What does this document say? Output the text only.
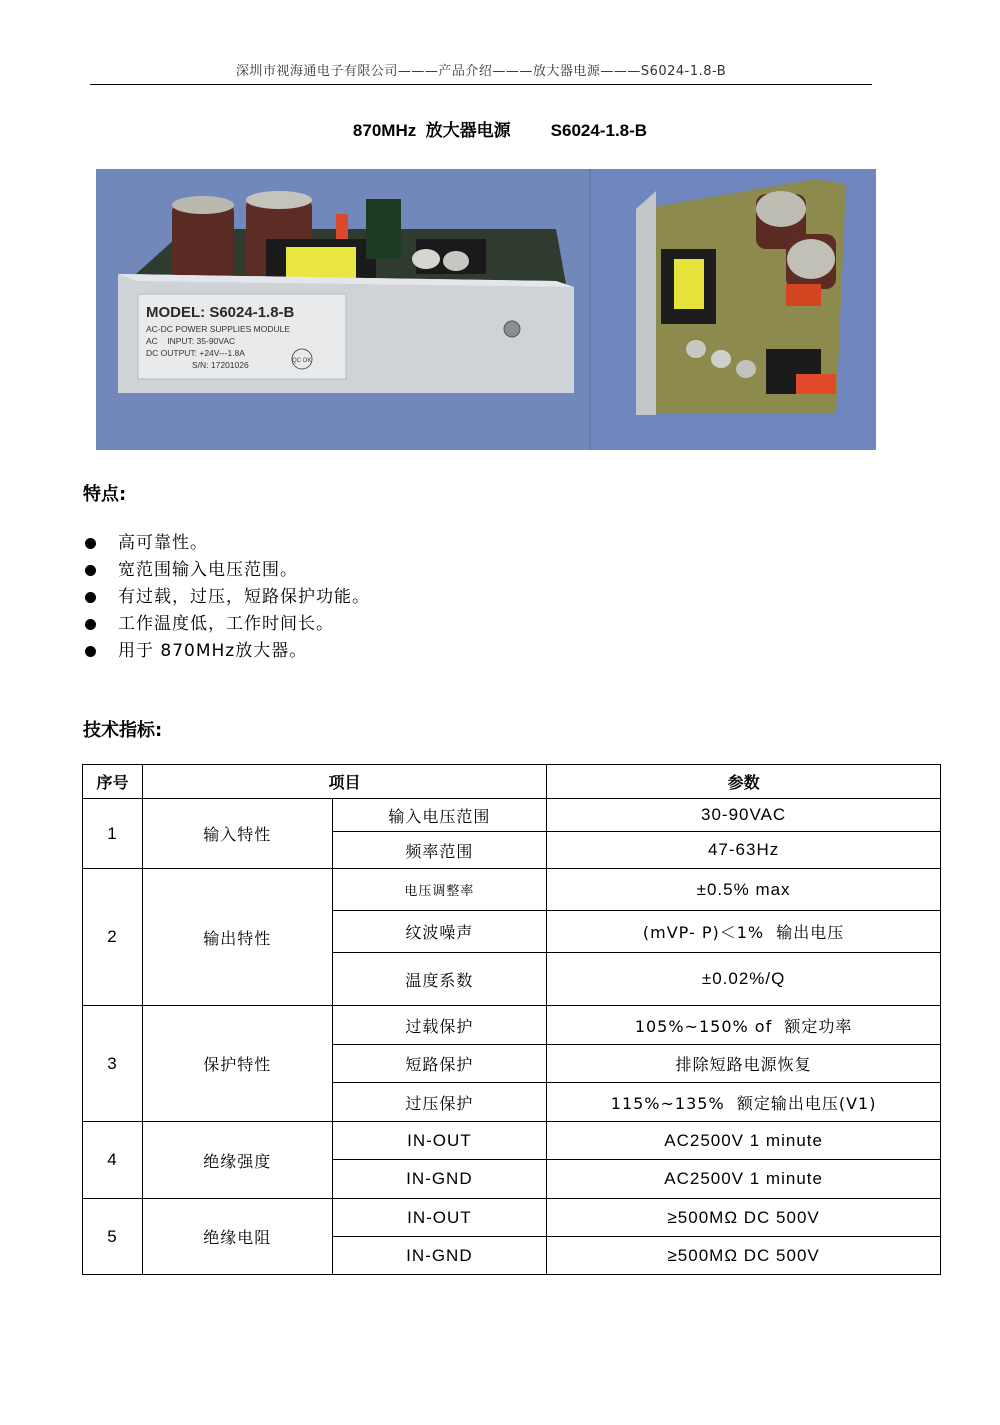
深圳市视海通电子有限公司———产品介绍———放大器电源———S6024-1.8-B
870MHz  放大器电源 S6024-1.8-B
MODEL: S6024-1.8-B
AC-DC POWER SUPPLIES MODULE
AC    INPUT: 35-90VAC
DC OUTPUT: +24V---1.8A
S/N: 17201026	QC OK
特点:
高可靠性。
宽范围输入电压范围。
有过载，过压，短路保护功能。
工作温度低，工作时间长。
用于 870MHz放大器。
技术指标:
序号	项目		参数
1	输入特性	输入电压范围	30-90VAC
		频率范围	47-63Hz
2	输出特性	电压调整率	±0.5% max
		纹波噪声	(mVP- P)＜1%  输出电压
		温度系数	±0.02%/Q
3	保护特性	过载保护	105%~150% of  额定功率
		短路保护	排除短路电源恢复
		过压保护	115%~135%  额定输出电压(V1)
4	绝缘强度	IN-OUT	AC2500V 1 minute
		IN-GND	AC2500V 1 minute
5	绝缘电阻	IN-OUT	≥500MΩ DC 500V
		IN-GND	≥500MΩ DC 500V
